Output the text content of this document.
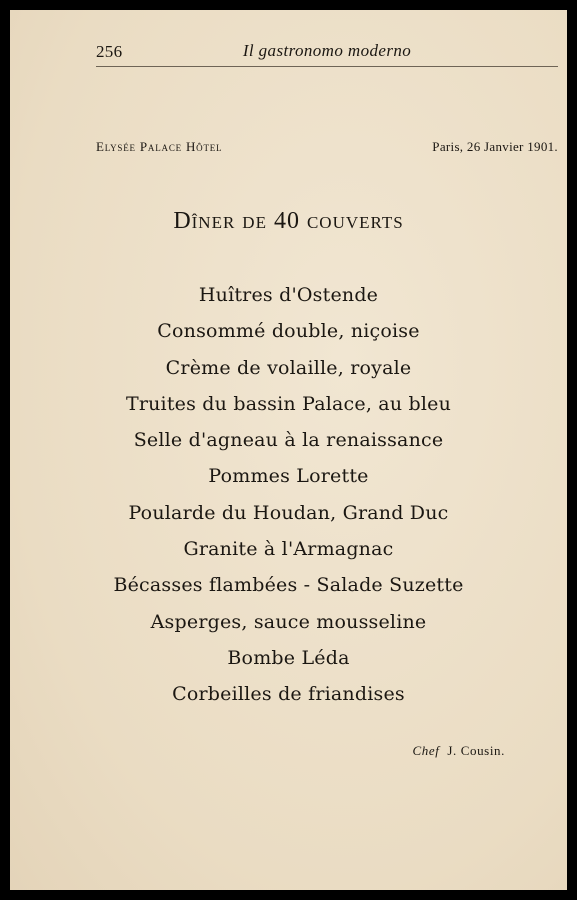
256	Il gastronomo moderno
Elysée Palace Hôtel	Paris, 26 Janvier 1901.
Dîner de 40 couverts
Huîtres d'Ostende
Consommé double, niçoise
Crème de volaille, royale
Truites du bassin Palace, au bleu
Selle d'agneau à la renaissance
Pommes Lorette
Poularde du Houdan, Grand Duc
Granite à l'Armagnac
Bécasses flambées - Salade Suzette
Asperges, sauce mousseline
Bombe Léda
Corbeilles de friandises
Chef J. Cousin.
